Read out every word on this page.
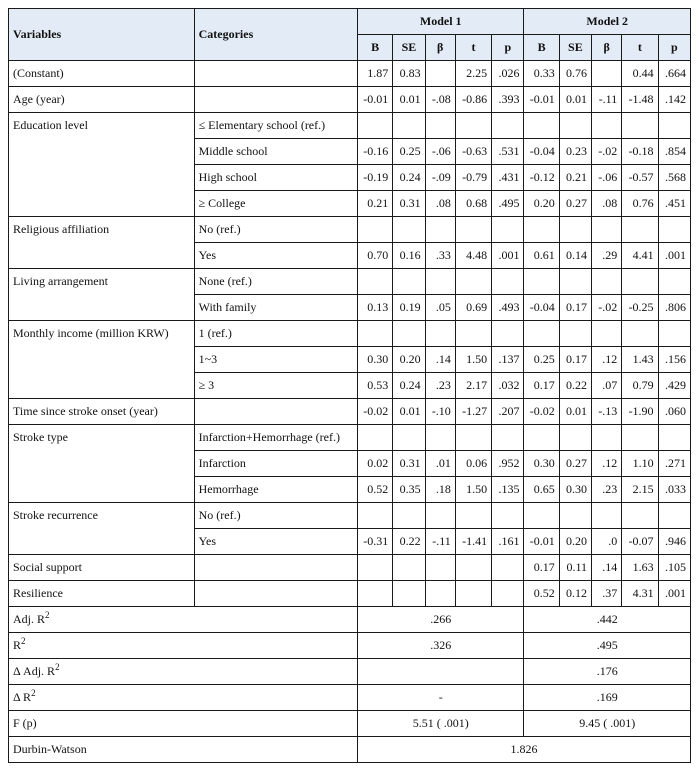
Variables	Categories	Model 1					Model 2				
		B	SE	β	t	p	B	SE	β	t	p
(Constant)		1.87	0.83		2.25	.026	0.33	0.76		0.44	.664
Age (year)		-0.01	0.01	-.08	-0.86	.393	-0.01	0.01	-.11	-1.48	.142
Education level	≤ Elementary school (ref.)										
	Middle school	-0.16	0.25	-.06	-0.63	.531	-0.04	0.23	-.02	-0.18	.854
	High school	-0.19	0.24	-.09	-0.79	.431	-0.12	0.21	-.06	-0.57	.568
	≥ College	0.21	0.31	.08	0.68	.495	0.20	0.27	.08	0.76	.451
Religious affiliation	No (ref.)										
	Yes	0.70	0.16	.33	4.48	.001	0.61	0.14	.29	4.41	.001
Living arrangement	None (ref.)										
	With family	0.13	0.19	.05	0.69	.493	-0.04	0.17	-.02	-0.25	.806
Monthly income (million KRW)	1 (ref.)										
	1~3	0.30	0.20	.14	1.50	.137	0.25	0.17	.12	1.43	.156
	≥ 3	0.53	0.24	.23	2.17	.032	0.17	0.22	.07	0.79	.429
Time since stroke onset (year)		-0.02	0.01	-.10	-1.27	.207	-0.02	0.01	-.13	-1.90	.060
Stroke type	Infarction+Hemorrhage (ref.)										
	Infarction	0.02	0.31	.01	0.06	.952	0.30	0.27	.12	1.10	.271
	Hemorrhage	0.52	0.35	.18	1.50	.135	0.65	0.30	.23	2.15	.033
Stroke recurrence	No (ref.)										
	Yes	-0.31	0.22	-.11	-1.41	.161	-0.01	0.20	.0	-0.07	.946
Social support							0.17	0.11	.14	1.63	.105
Resilience							0.52	0.12	.37	4.31	.001
Adj. $R^2$		.266					.442				
$R^2$		.326					.495				
Δ Adj. $R^2$							.176				
Δ $R^2$		-					.169				
F (p)		5.51 ( .001)					9.45 ( .001)				
Durbin-Watson		1.826									
